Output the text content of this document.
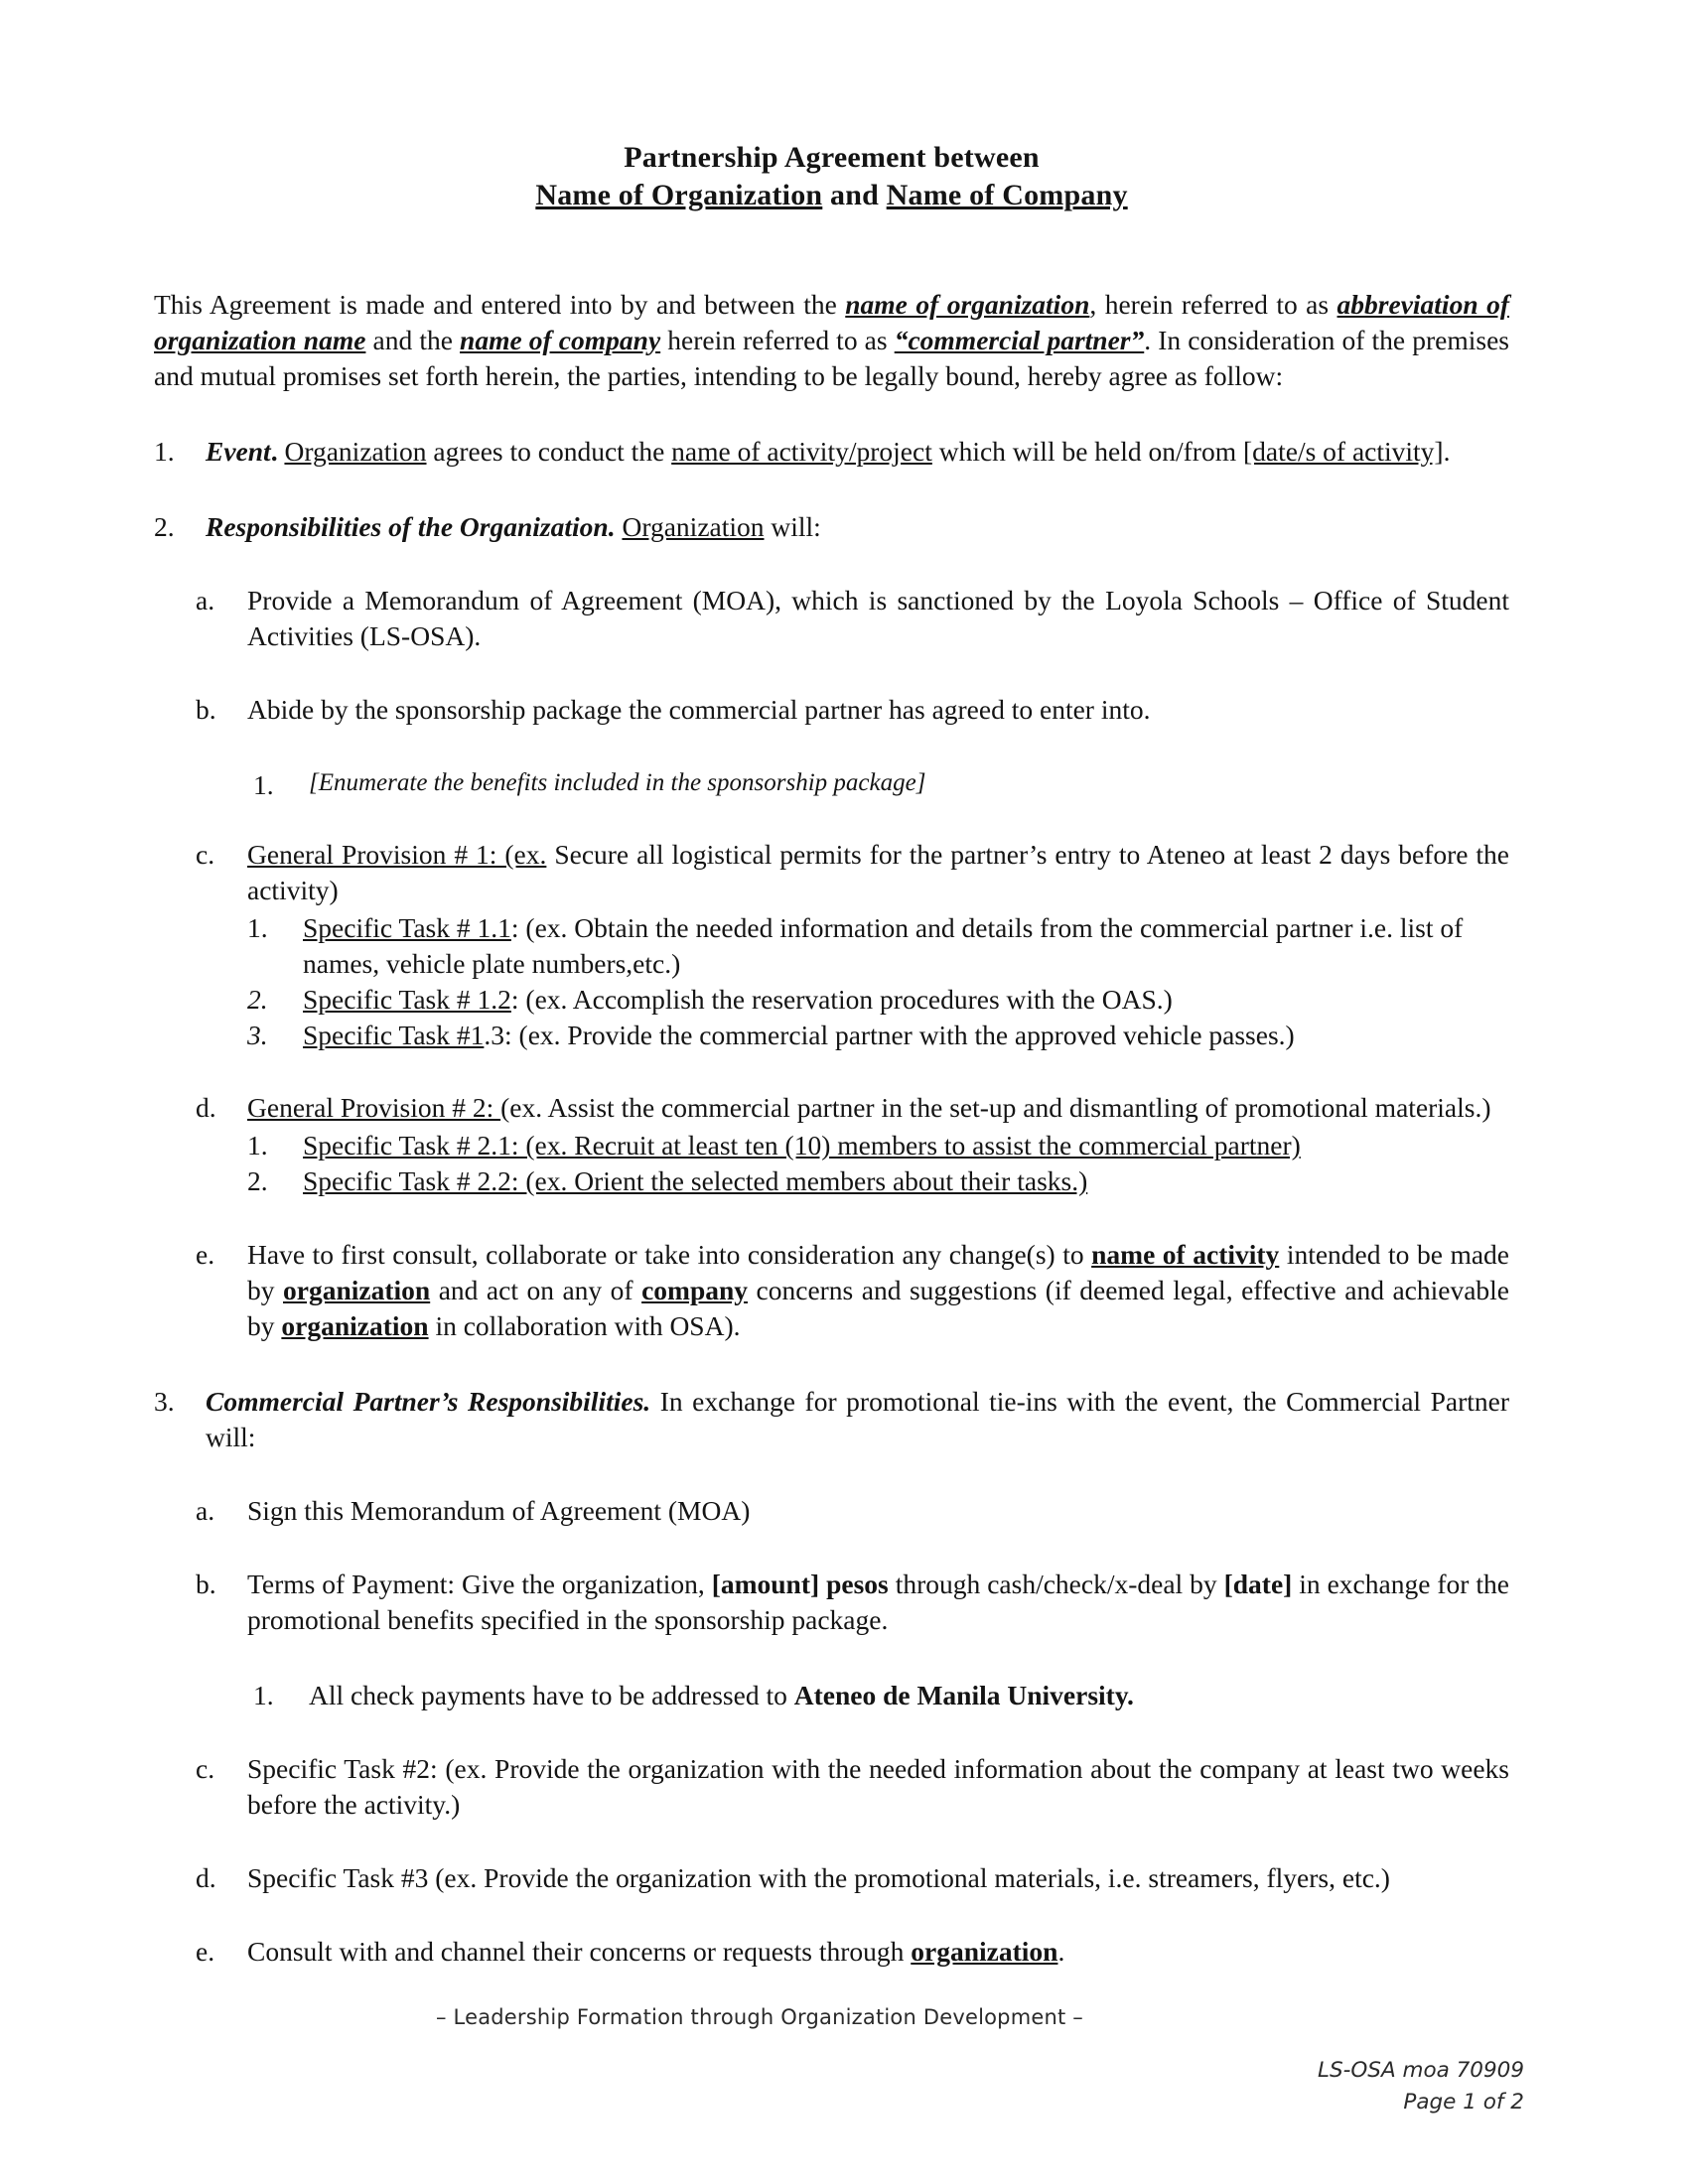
Partnership Agreement between
Name of Organization and Name of Company

This Agreement is made and entered into by and between the name of organization, herein referred to as abbreviation of organization name and the name of company herein referred to as “commercial partner”. In consideration of the premises and mutual promises set forth herein, the parties, intending to be legally bound, hereby agree as follow:

1.	Event. Organization agrees to conduct the name of activity/project which will be held on/from [date/s of activity].
2.	Responsibilities of the Organization. Organization will:
a.	Provide a Memorandum of Agreement (MOA), which is sanctioned by the Loyola Schools – Office of Student Activities (LS-OSA).
b.	Abide by the sponsorship package the commercial partner has agreed to enter into.
1.	[Enumerate the benefits included in the sponsorship package]
c.	General Provision # 1: (ex. Secure all logistical permits for the partner’s entry to Ateneo at least 2 days before the activity)
1.	Specific Task # 1.1: (ex. Obtain the needed information and details from the commercial partner i.e. list of names, vehicle plate numbers,etc.)
2.	Specific Task # 1.2: (ex. Accomplish the reservation procedures with the OAS.)
3.	Specific Task #1.3: (ex. Provide the commercial partner with the approved vehicle passes.)
d.	General Provision # 2: (ex. Assist the commercial partner in the set-up and dismantling of promotional materials.)
1.	Specific Task # 2.1: (ex. Recruit at least ten (10) members to assist the commercial partner)
2.	Specific Task # 2.2: (ex. Orient the selected members about their tasks.)
e.	Have to first consult, collaborate or take into consideration any change(s) to name of activity intended to be made by organization and act on any of company concerns and suggestions (if deemed legal, effective and achievable by organization in collaboration with OSA).
3.	Commercial Partner’s Responsibilities. In exchange for promotional tie-ins with the event, the Commercial Partner will:
a.	Sign this Memorandum of Agreement (MOA)
b.	Terms of Payment: Give the organization, [amount] pesos through cash/check/x-deal by [date] in exchange for the promotional benefits specified in the sponsorship package.
1.	All check payments have to be addressed to Ateneo de Manila University.
c.	Specific Task #2: (ex. Provide the organization with the needed information about the company at least two weeks before the activity.)
d.	Specific Task #3 (ex. Provide the organization with the promotional materials, i.e. streamers, flyers, etc.)
e.	Consult with and channel their concerns or requests through organization.
– Leadership Formation through Organization Development –
LS-OSA moa 70909
Page 1 of 2
